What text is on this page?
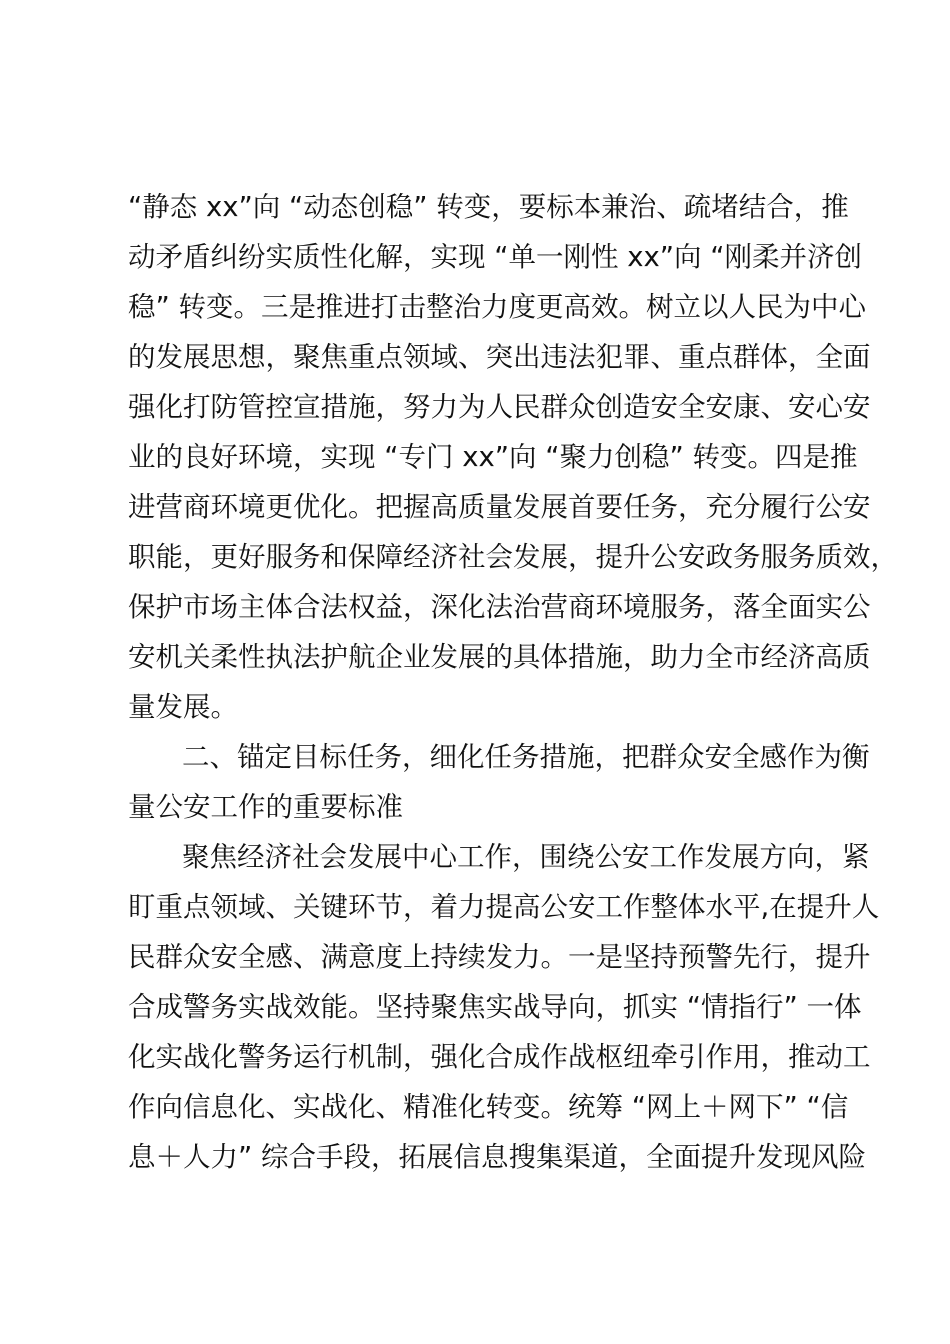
“静态 xx”向 “动态创稳” 转变，要标本兼治、疏堵结合，推
动矛盾纠纷实质性化解，实现 “单一刚性 xx”向 “刚柔并济创
稳” 转变。三是推进打击整治力度更高效。树立以人民为中心
的发展思想，聚焦重点领域、突出违法犯罪、重点群体，全面
强化打防管控宣措施，努力为人民群众创造安全安康、安心安
业的良好环境，实现 “专门 xx”向 “聚力创稳” 转变。四是推
进营商环境更优化。把握高质量发展首要任务，充分履行公安
职能，更好服务和保障经济社会发展，提升公安政务服务质效，
保护市场主体合法权益，深化法治营商环境服务，落全面实公
安机关柔性执法护航企业发展的具体措施，助力全市经济高质
量发展。
二、锚定目标任务，细化任务措施，把群众安全感作为衡
量公安工作的重要标准
聚焦经济社会发展中心工作，围绕公安工作发展方向，紧
盯重点领域、关键环节，着力提高公安工作整体水平,在提升人
民群众安全感、满意度上持续发力。一是坚持预警先行，提升
合成警务实战效能。坚持聚焦实战导向，抓实 “情指行” 一体
化实战化警务运行机制，强化合成作战枢纽牵引作用，推动工
作向信息化、实战化、精准化转变。统筹 “网上＋网下” “信
息＋人力” 综合手段，拓展信息搜集渠道，全面提升发现风险
